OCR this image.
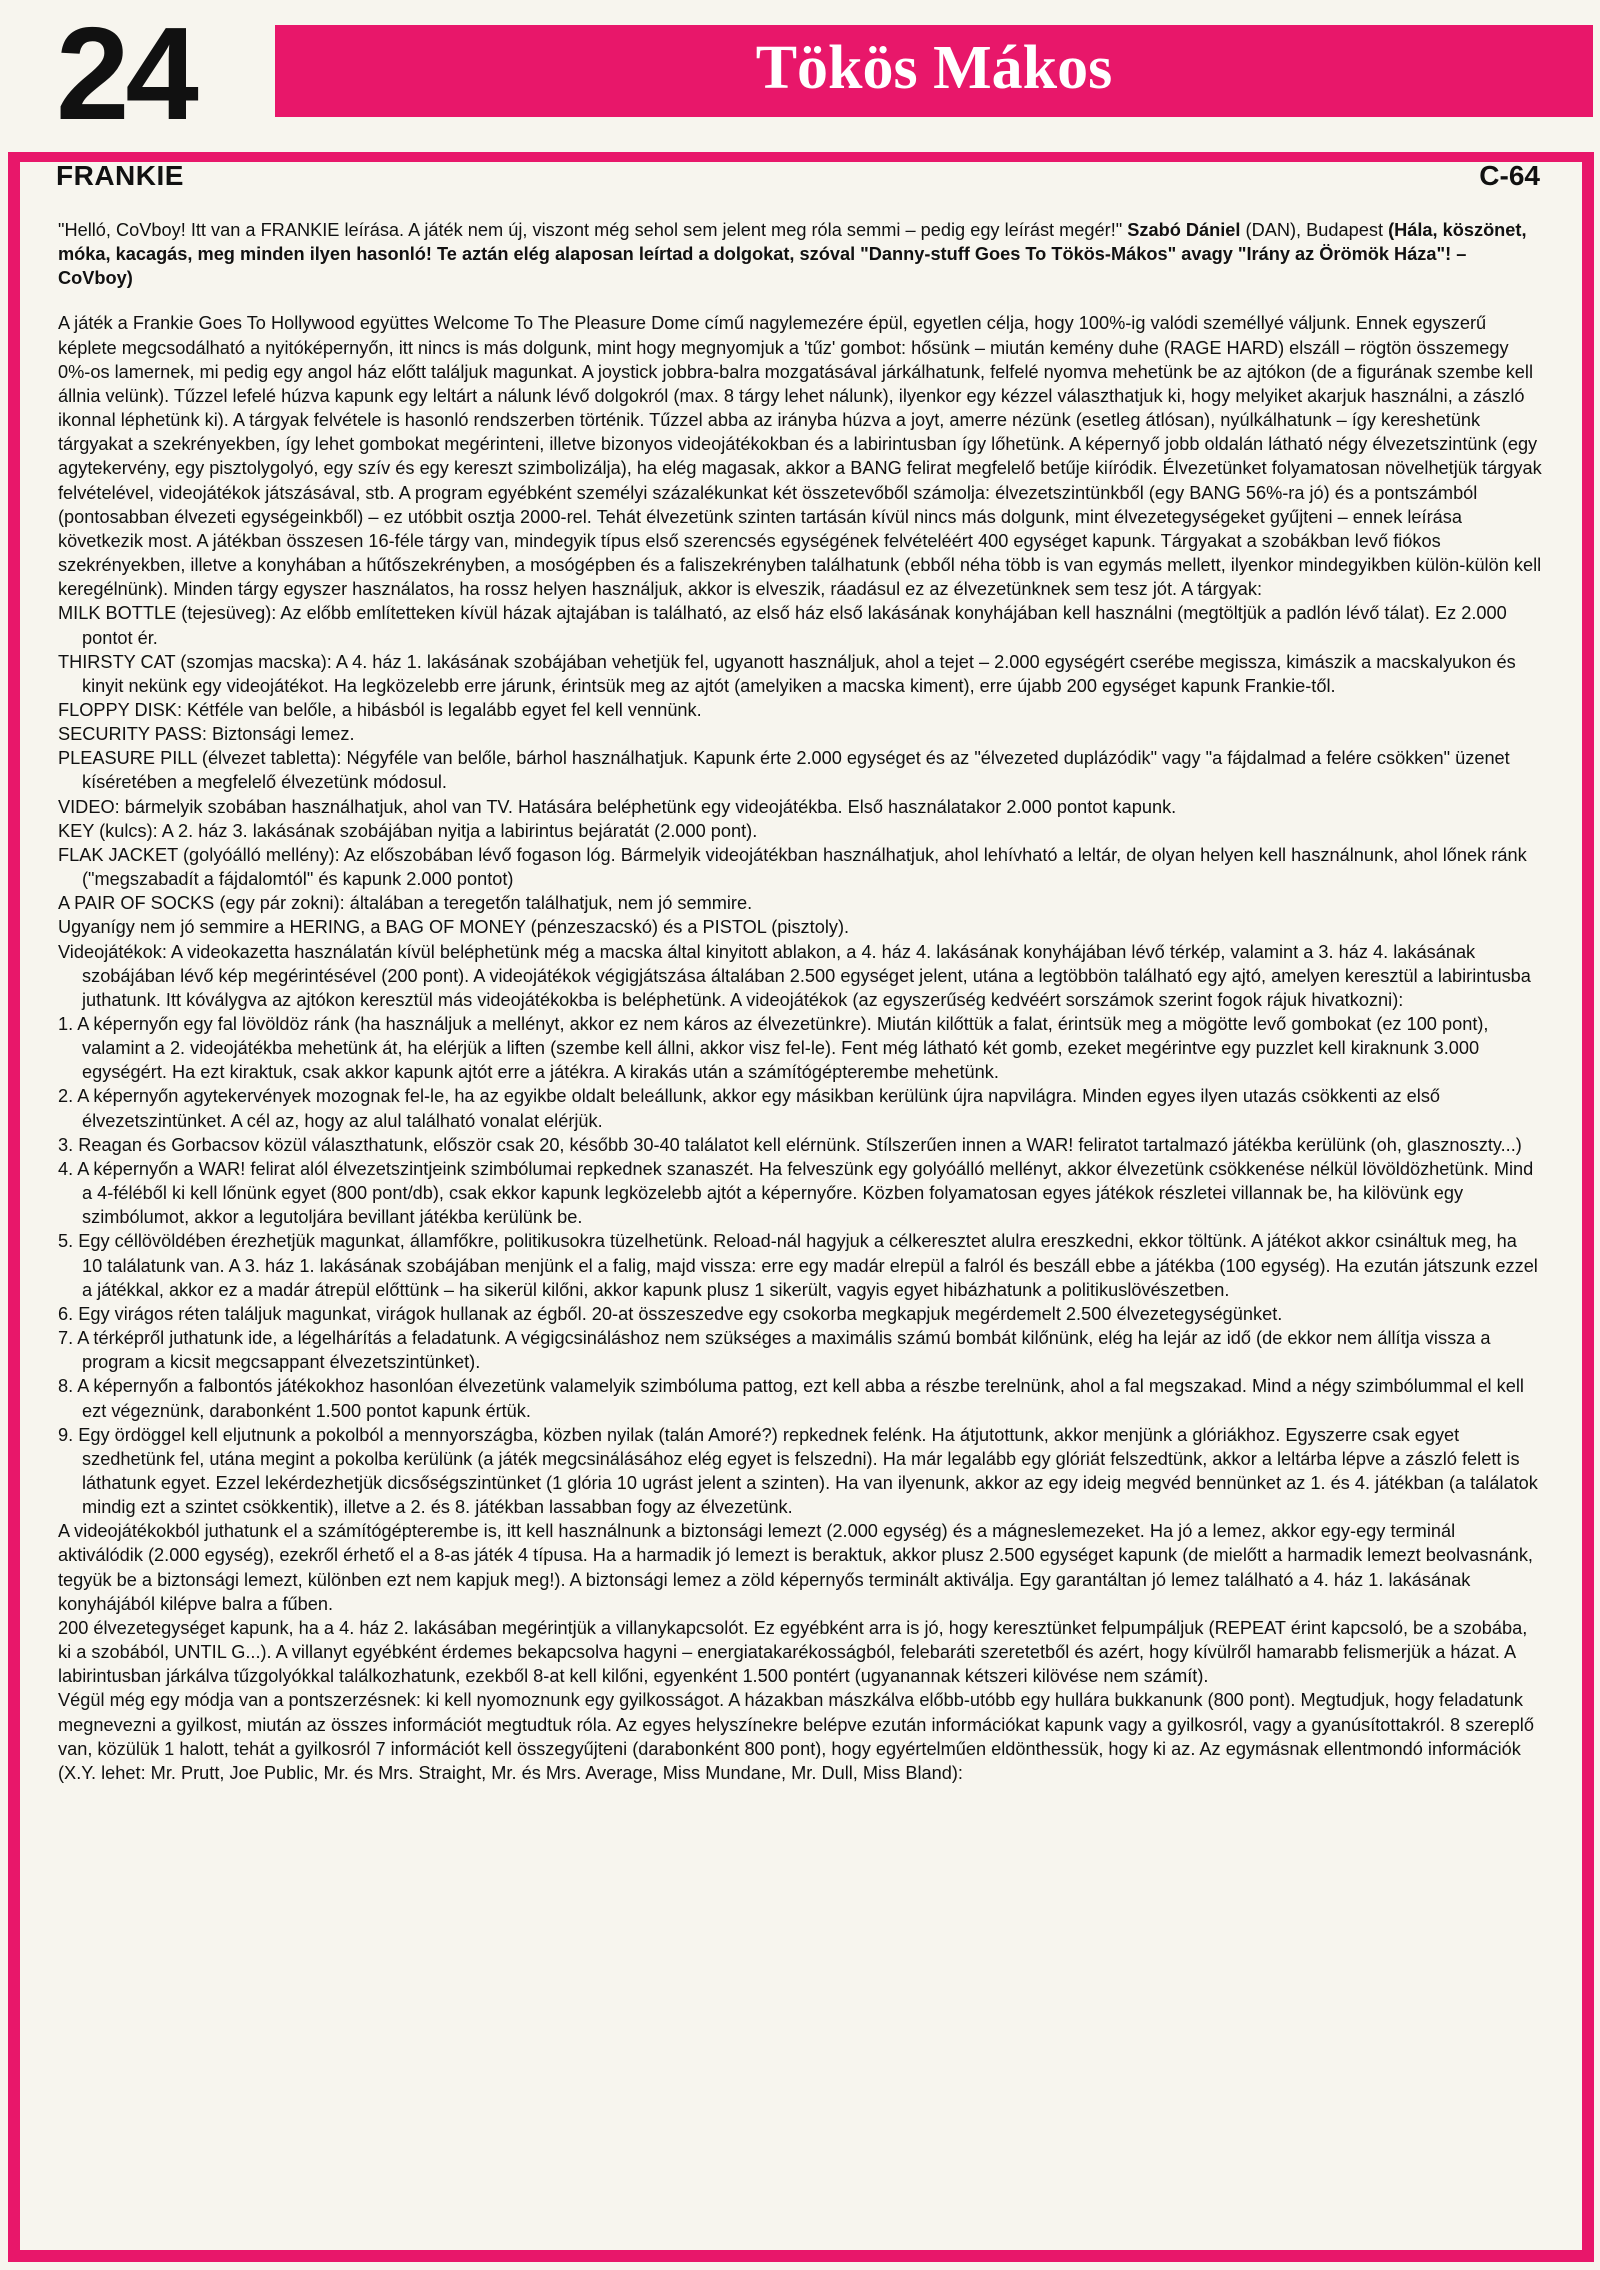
24	Tökös Mákos
FRANKIE	C-64

"Helló, CoVboy! Itt van a FRANKIE leírása. A játék nem új, viszont még sehol sem jelent meg róla semmi – pedig egy leírást megér!" Szabó Dániel (DAN), Budapest (Hála, köszönet, móka, kacagás, meg minden ilyen hasonló! Te aztán elég alaposan leírtad a dolgokat, szóval "Danny-stuff Goes To Tökös-Mákos" avagy "Irány az Örömök Háza"! – CoVboy)

A játék a Frankie Goes To Hollywood együttes Welcome To The Pleasure Dome című nagylemezére épül, egyetlen célja, hogy 100%-ig valódi személlyé váljunk. Ennek egyszerű képlete megcsodálható a nyitóképernyőn, itt nincs is más dolgunk, mint hogy megnyomjuk a 'tűz' gombot: hősünk – miután kemény duhe (RAGE HARD) elszáll – rögtön összemegy 0%-os lamernek, mi pedig egy angol ház előtt találjuk magunkat. A joystick jobbra-balra mozgatásával járkálhatunk, felfelé nyomva mehetünk be az ajtókon (de a figurának szembe kell állnia velünk). Tűzzel lefelé húzva kapunk egy leltárt a nálunk lévő dolgokról (max. 8 tárgy lehet nálunk), ilyenkor egy kézzel választhatjuk ki, hogy melyiket akarjuk használni, a zászló ikonnal léphetünk ki). A tárgyak felvétele is hasonló rendszerben történik. Tűzzel abba az irányba húzva a joyt, amerre nézünk (esetleg átlósan), nyúlkálhatunk – így kereshetünk tárgyakat a szekrényekben, így lehet gombokat megérinteni, illetve bizonyos videojátékokban és a labirintusban így lőhetünk. A képernyő jobb oldalán látható négy élvezetszintünk (egy agytekervény, egy pisztolygolyó, egy szív és egy kereszt szimbolizálja), ha elég magasak, akkor a BANG felirat megfelelő betűje kiíródik. Élvezetünket folyamatosan növelhetjük tárgyak felvételével, videojátékok játszásával, stb. A program egyébként személyi százalékunkat két összetevőből számolja: élvezetszintünkből (egy BANG 56%-ra jó) és a pontszámból (pontosabban élvezeti egységeinkből) – ez utóbbit osztja 2000-rel. Tehát élvezetünk szinten tartásán kívül nincs más dolgunk, mint élvezetegységeket gyűjteni – ennek leírása következik most. A játékban összesen 16-féle tárgy van, mindegyik típus első szerencsés egységének felvételéért 400 egységet kapunk. Tárgyakat a szobákban levő fiókos szekrényekben, illetve a konyhában a hűtőszekrényben, a mosógépben és a faliszekrényben találhatunk (ebből néha több is van egymás mellett, ilyenkor mindegyikben külön-külön kell keregélnünk). Minden tárgy egyszer használatos, ha rossz helyen használjuk, akkor is elveszik, ráadásul ez az élvezetünknek sem tesz jót. A tárgyak:

MILK BOTTLE (tejesüveg): Az előbb említetteken kívül házak ajtajában is található, az első ház első lakásának konyhájában kell használni (megtöltjük a padlón lévő tálat). Ez 2.000 pontot ér.

THIRSTY CAT (szomjas macska): A 4. ház 1. lakásának szobájában vehetjük fel, ugyanott használjuk, ahol a tejet – 2.000 egységért cserébe megissza, kimászik a macskalyukon és kinyit nekünk egy videojátékot. Ha legközelebb erre járunk, érintsük meg az ajtót (amelyiken a macska kiment), erre újabb 200 egységet kapunk Frankie-től.

FLOPPY DISK: Kétféle van belőle, a hibásból is legalább egyet fel kell vennünk.

SECURITY PASS: Biztonsági lemez.

PLEASURE PILL (élvezet tabletta): Négyféle van belőle, bárhol használhatjuk. Kapunk érte 2.000 egységet és az "élvezeted duplázódik" vagy "a fájdalmad a felére csökken" üzenet kíséretében a megfelelő élvezetünk módosul.

VIDEO: bármelyik szobában használhatjuk, ahol van TV. Hatására beléphetünk egy videojátékba. Első használatakor 2.000 pontot kapunk.

KEY (kulcs): A 2. ház 3. lakásának szobájában nyitja a labirintus bejáratát (2.000 pont).

FLAK JACKET (golyóálló mellény): Az előszobában lévő fogason lóg. Bármelyik videojátékban használhatjuk, ahol lehívható a leltár, de olyan helyen kell használnunk, ahol lőnek ránk ("megszabadít a fájdalomtól" és kapunk 2.000 pontot)

A PAIR OF SOCKS (egy pár zokni): általában a teregetőn találhatjuk, nem jó semmire.

Ugyanígy nem jó semmire a HERING, a BAG OF MONEY (pénzeszacskó) és a PISTOL (pisztoly).

Videojátékok: A videokazetta használatán kívül beléphetünk még a macska által kinyitott ablakon, a 4. ház 4. lakásának konyhájában lévő térkép, valamint a 3. ház 4. lakásának szobájában lévő kép megérintésével (200 pont). A videojátékok végigjátszása általában 2.500 egységet jelent, utána a legtöbbön található egy ajtó, amelyen keresztül a labirintusba juthatunk. Itt kóválygva az ajtókon keresztül más videojátékokba is beléphetünk. A videojátékok (az egyszerűség kedvéért sorszámok szerint fogok rájuk hivatkozni):

1. A képernyőn egy fal lövöldöz ránk (ha használjuk a mellényt, akkor ez nem káros az élvezetünkre). Miután kilőttük a falat, érintsük meg a mögötte levő gombokat (ez 100 pont), valamint a 2. videojátékba mehetünk át, ha elérjük a liften (szembe kell állni, akkor visz fel-le). Fent még látható két gomb, ezeket megérintve egy puzzlet kell kiraknunk 3.000 egységért. Ha ezt kiraktuk, csak akkor kapunk ajtót erre a játékra. A kirakás után a számítógépterembe mehetünk.

2. A képernyőn agytekervények mozognak fel-le, ha az egyikbe oldalt beleállunk, akkor egy másikban kerülünk újra napvilágra. Minden egyes ilyen utazás csökkenti az első élvezetszintünket. A cél az, hogy az alul található vonalat elérjük.

3. Reagan és Gorbacsov közül választhatunk, először csak 20, később 30-40 találatot kell elérnünk. Stílszerűen innen a WAR! feliratot tartalmazó játékba kerülünk (oh, glasznoszty...)

4. A képernyőn a WAR! felirat alól élvezetszintjeink szimbólumai repkednek szanaszét. Ha felveszünk egy golyóálló mellényt, akkor élvezetünk csökkenése nélkül lövöldözhetünk. Mind a 4-féléből ki kell lőnünk egyet (800 pont/db), csak ekkor kapunk legközelebb ajtót a képernyőre. Közben folyamatosan egyes játékok részletei villannak be, ha kilövünk egy szimbólumot, akkor a legutoljára bevillant játékba kerülünk be.

5. Egy céllövöldében érezhetjük magunkat, államfőkre, politikusokra tüzelhetünk. Reload-nál hagyjuk a célkeresztet alulra ereszkedni, ekkor töltünk. A játékot akkor csináltuk meg, ha 10 találatunk van. A 3. ház 1. lakásának szobájában menjünk el a falig, majd vissza: erre egy madár elrepül a falról és beszáll ebbe a játékba (100 egység). Ha ezután játszunk ezzel a játékkal, akkor ez a madár átrepül előttünk – ha sikerül kilőni, akkor kapunk plusz 1 sikerült, vagyis egyet hibázhatunk a politikuslövészetben.

6. Egy virágos réten találjuk magunkat, virágok hullanak az égből. 20-at összeszedve egy csokorba megkapjuk megérdemelt 2.500 élvezetegységünket.

7. A térképről juthatunk ide, a légelhárítás a feladatunk. A végigcsináláshoz nem szükséges a maximális számú bombát kilőnünk, elég ha lejár az idő (de ekkor nem állítja vissza a program a kicsit megcsappant élvezetszintünket).

8. A képernyőn a falbontós játékokhoz hasonlóan élvezetünk valamelyik szimbóluma pattog, ezt kell abba a részbe terelnünk, ahol a fal megszakad. Mind a négy szimbólummal el kell ezt végeznünk, darabonként 1.500 pontot kapunk értük.

9. Egy ördöggel kell eljutnunk a pokolból a mennyországba, közben nyilak (talán Amoré?) repkednek felénk. Ha átjutottunk, akkor menjünk a glóriákhoz. Egyszerre csak egyet szedhetünk fel, utána megint a pokolba kerülünk (a játék megcsinálásához elég egyet is felszedni). Ha már legalább egy glóriát felszedtünk, akkor a leltárba lépve a zászló felett is láthatunk egyet. Ezzel lekérdezhetjük dicsőségszintünket (1 glória 10 ugrást jelent a szinten). Ha van ilyenunk, akkor az egy ideig megvéd bennünket az 1. és 4. játékban (a találatok mindig ezt a szintet csökkentik), illetve a 2. és 8. játékban lassabban fogy az élvezetünk.

A videojátékokból juthatunk el a számítógépterembe is, itt kell használnunk a biztonsági lemezt (2.000 egység) és a mágneslemezeket. Ha jó a lemez, akkor egy-egy terminál aktiválódik (2.000 egység), ezekről érhető el a 8-as játék 4 típusa. Ha a harmadik jó lemezt is beraktuk, akkor plusz 2.500 egységet kapunk (de mielőtt a harmadik lemezt beolvasnánk, tegyük be a biztonsági lemezt, különben ezt nem kapjuk meg!). A biztonsági lemez a zöld képernyős terminált aktiválja. Egy garantáltan jó lemez található a 4. ház 1. lakásának konyhájából kilépve balra a fűben.

200 élvezetegységet kapunk, ha a 4. ház 2. lakásában megérintjük a villanykapcsolót. Ez egyébként arra is jó, hogy keresztünket felpumpáljuk (REPEAT érint kapcsoló, be a szobába, ki a szobából, UNTIL G...). A villanyt egyébként érdemes bekapcsolva hagyni – energiatakarékosságból, felebaráti szeretetből és azért, hogy kívülről hamarabb felismerjük a házat. A labirintusban járkálva tűzgolyókkal találkozhatunk, ezekből 8-at kell kilőni, egyenként 1.500 pontért (ugyanannak kétszeri kilövése nem számít).

Végül még egy módja van a pontszerzésnek: ki kell nyomoznunk egy gyilkosságot. A házakban mászkálva előbb-utóbb egy hullára bukkanunk (800 pont). Megtudjuk, hogy feladatunk megnevezni a gyilkost, miután az összes információt megtudtuk róla. Az egyes helyszínekre belépve ezután információkat kapunk vagy a gyilkosról, vagy a gyanúsítottakról. 8 szereplő van, közülük 1 halott, tehát a gyilkosról 7 információt kell összegyűjteni (darabonként 800 pont), hogy egyértelműen eldönthessük, hogy ki az. Az egymásnak ellentmondó információk (X.Y. lehet: Mr. Prutt, Joe Public, Mr. és Mrs. Straight, Mr. és Mrs. Average, Miss Mundane, Mr. Dull, Miss Bland):
